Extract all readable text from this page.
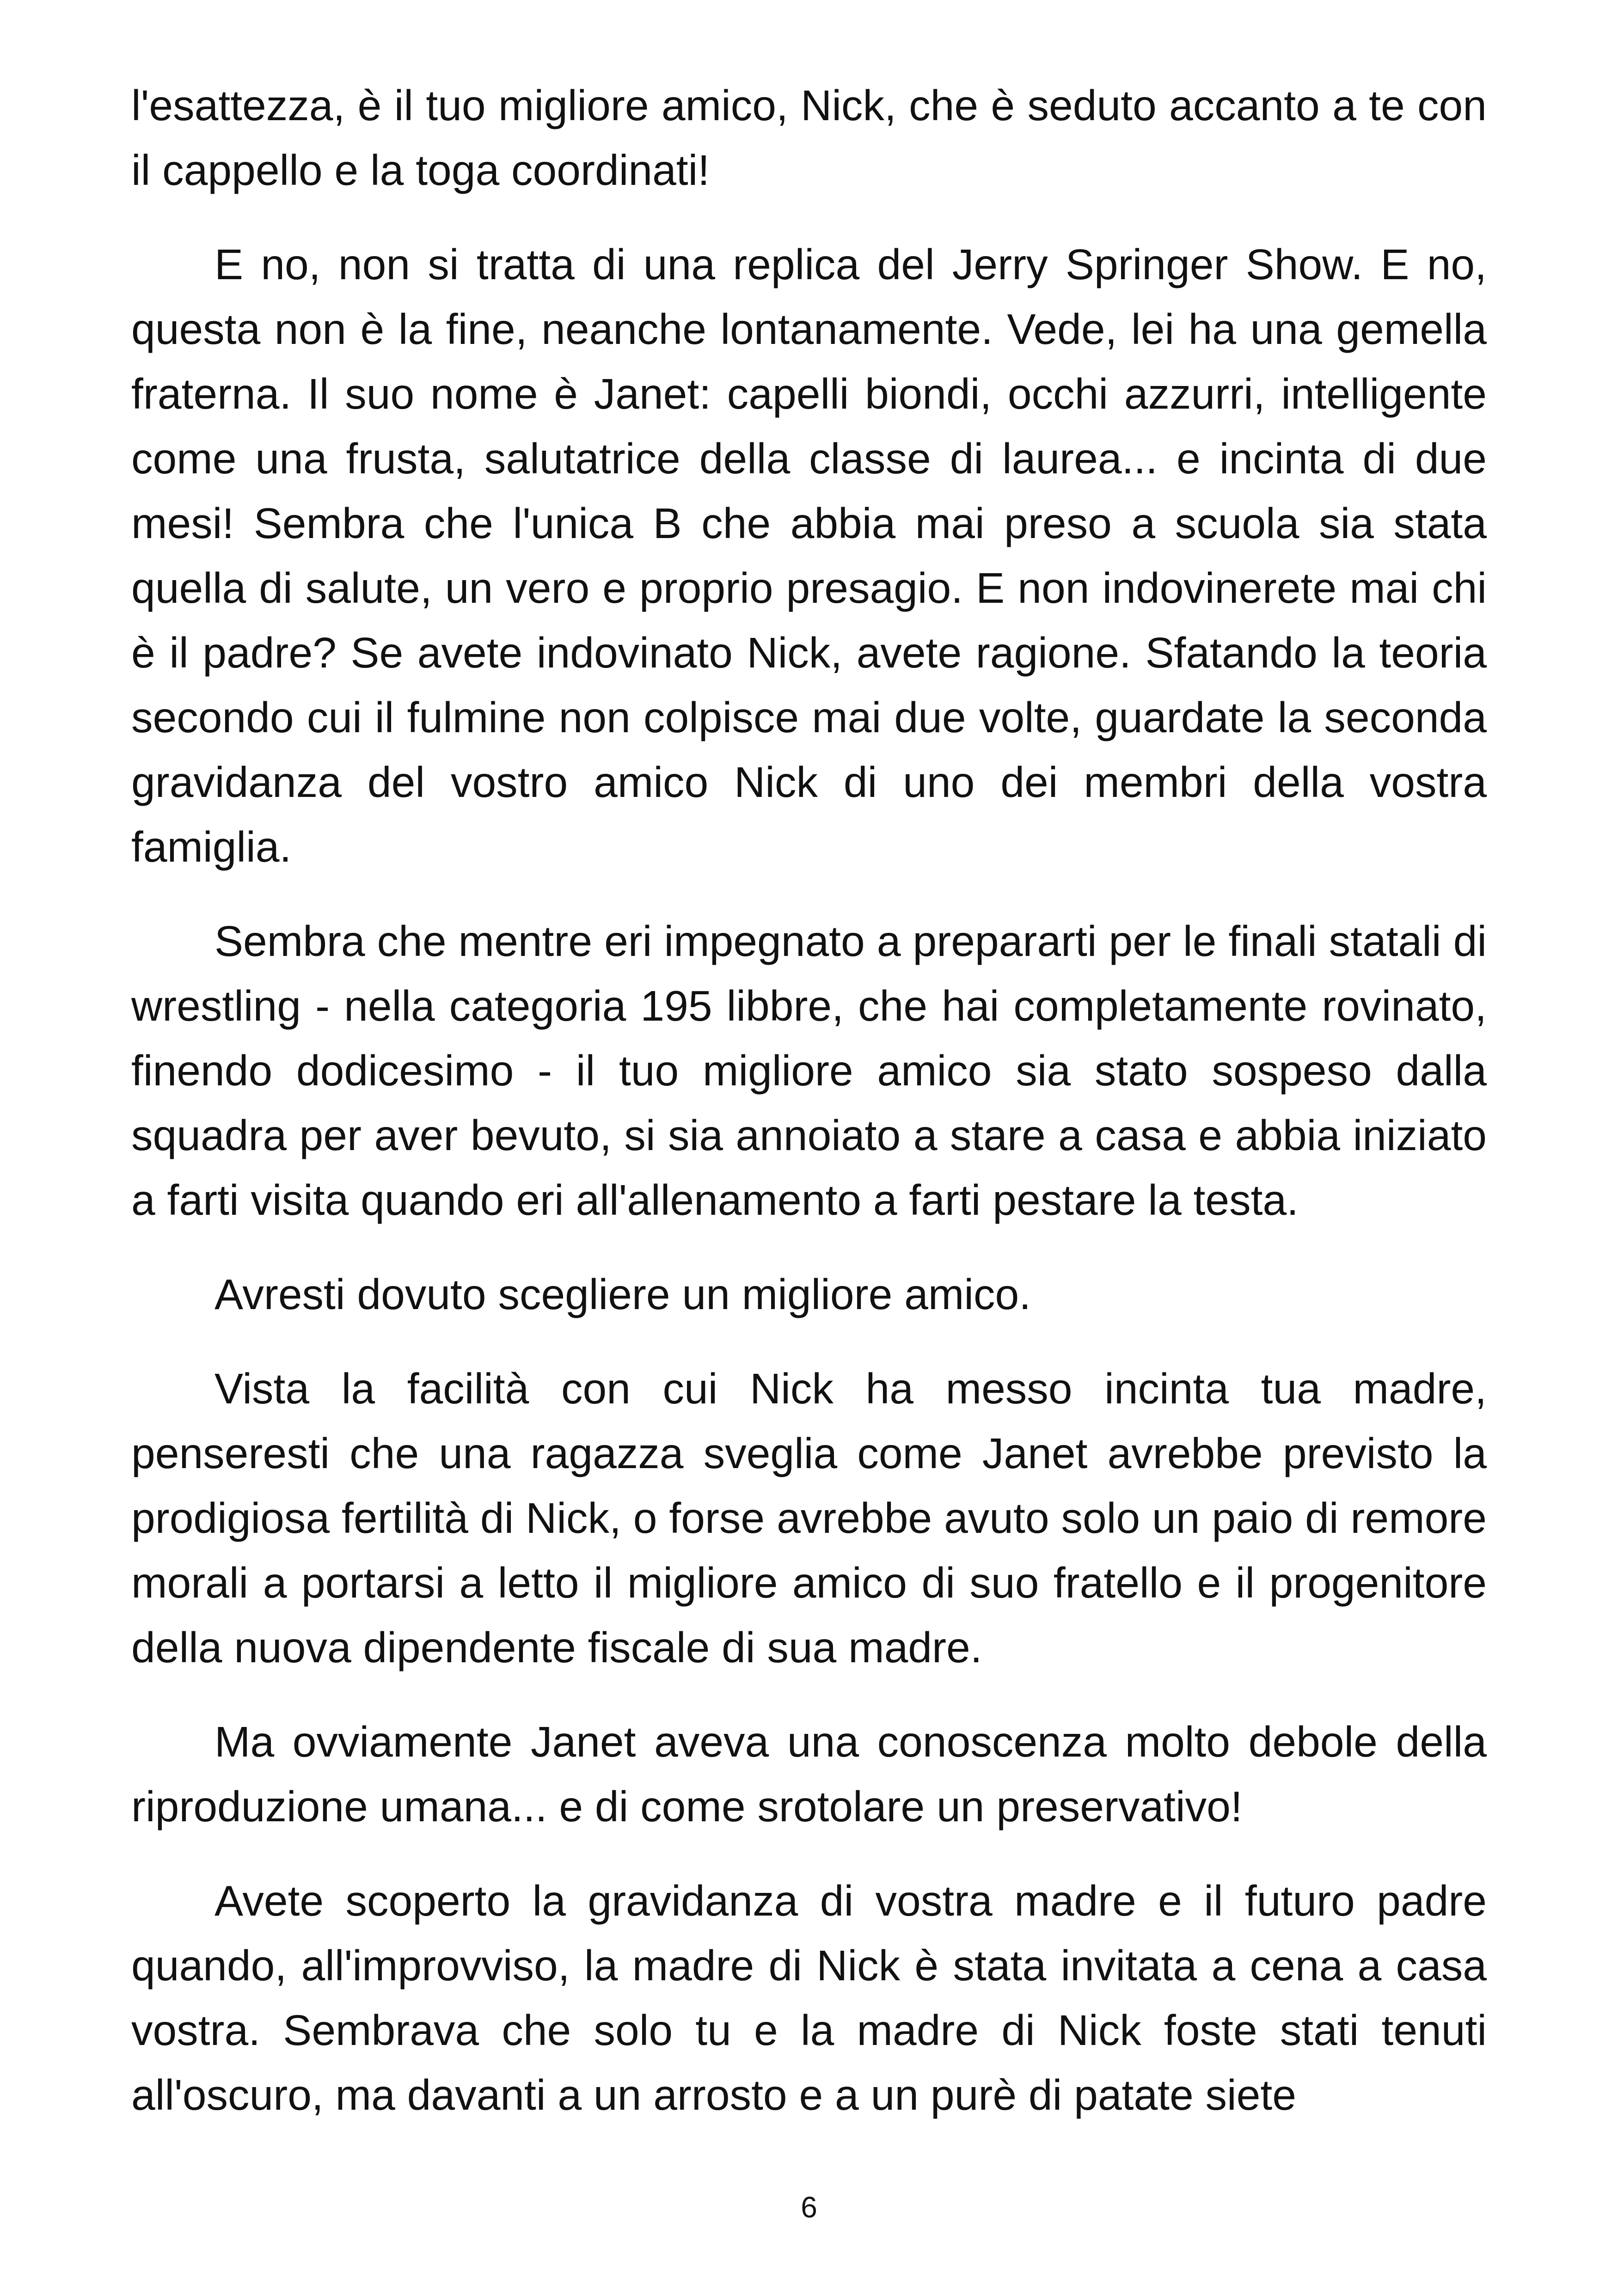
l'esattezza, è il tuo migliore amico, Nick, che è seduto accanto a te con il cappello e la toga coordinati!

E no, non si tratta di una replica del Jerry Springer Show. E no, questa non è la fine, neanche lontanamente. Vede, lei ha una gemella fraterna. Il suo nome è Janet: capelli biondi, occhi azzurri, intelligente come una frusta, salutatrice della classe di laurea... e incinta di due mesi! Sembra che l'unica B che abbia mai preso a scuola sia stata quella di salute, un vero e proprio presagio. E non indovinerete mai chi è il padre? Se avete indovinato Nick, avete ragione. Sfatando la teoria secondo cui il fulmine non colpisce mai due volte, guardate la seconda gravidanza del vostro amico Nick di uno dei membri della vostra famiglia.

Sembra che mentre eri impegnato a prepararti per le finali statali di wrestling - nella categoria 195 libbre, che hai completamente rovinato, finendo dodicesimo - il tuo migliore amico sia stato sospeso dalla squadra per aver bevuto, si sia annoiato a stare a casa e abbia iniziato a farti visita quando eri all'allenamento a farti pestare la testa.

Avresti dovuto scegliere un migliore amico.

Vista la facilità con cui Nick ha messo incinta tua madre, penseresti che una ragazza sveglia come Janet avrebbe previsto la prodigiosa fertilità di Nick, o forse avrebbe avuto solo un paio di remore morali a portarsi a letto il migliore amico di suo fratello e il progenitore della nuova dipendente fiscale di sua madre.

Ma ovviamente Janet aveva una conoscenza molto debole della riproduzione umana... e di come srotolare un preservativo!

Avete scoperto la gravidanza di vostra madre e il futuro padre quando, all'improvviso, la madre di Nick è stata invitata a cena a casa vostra. Sembrava che solo tu e la madre di Nick foste stati tenuti all'oscuro, ma davanti a un arrosto e a un purè di patate siete

6
